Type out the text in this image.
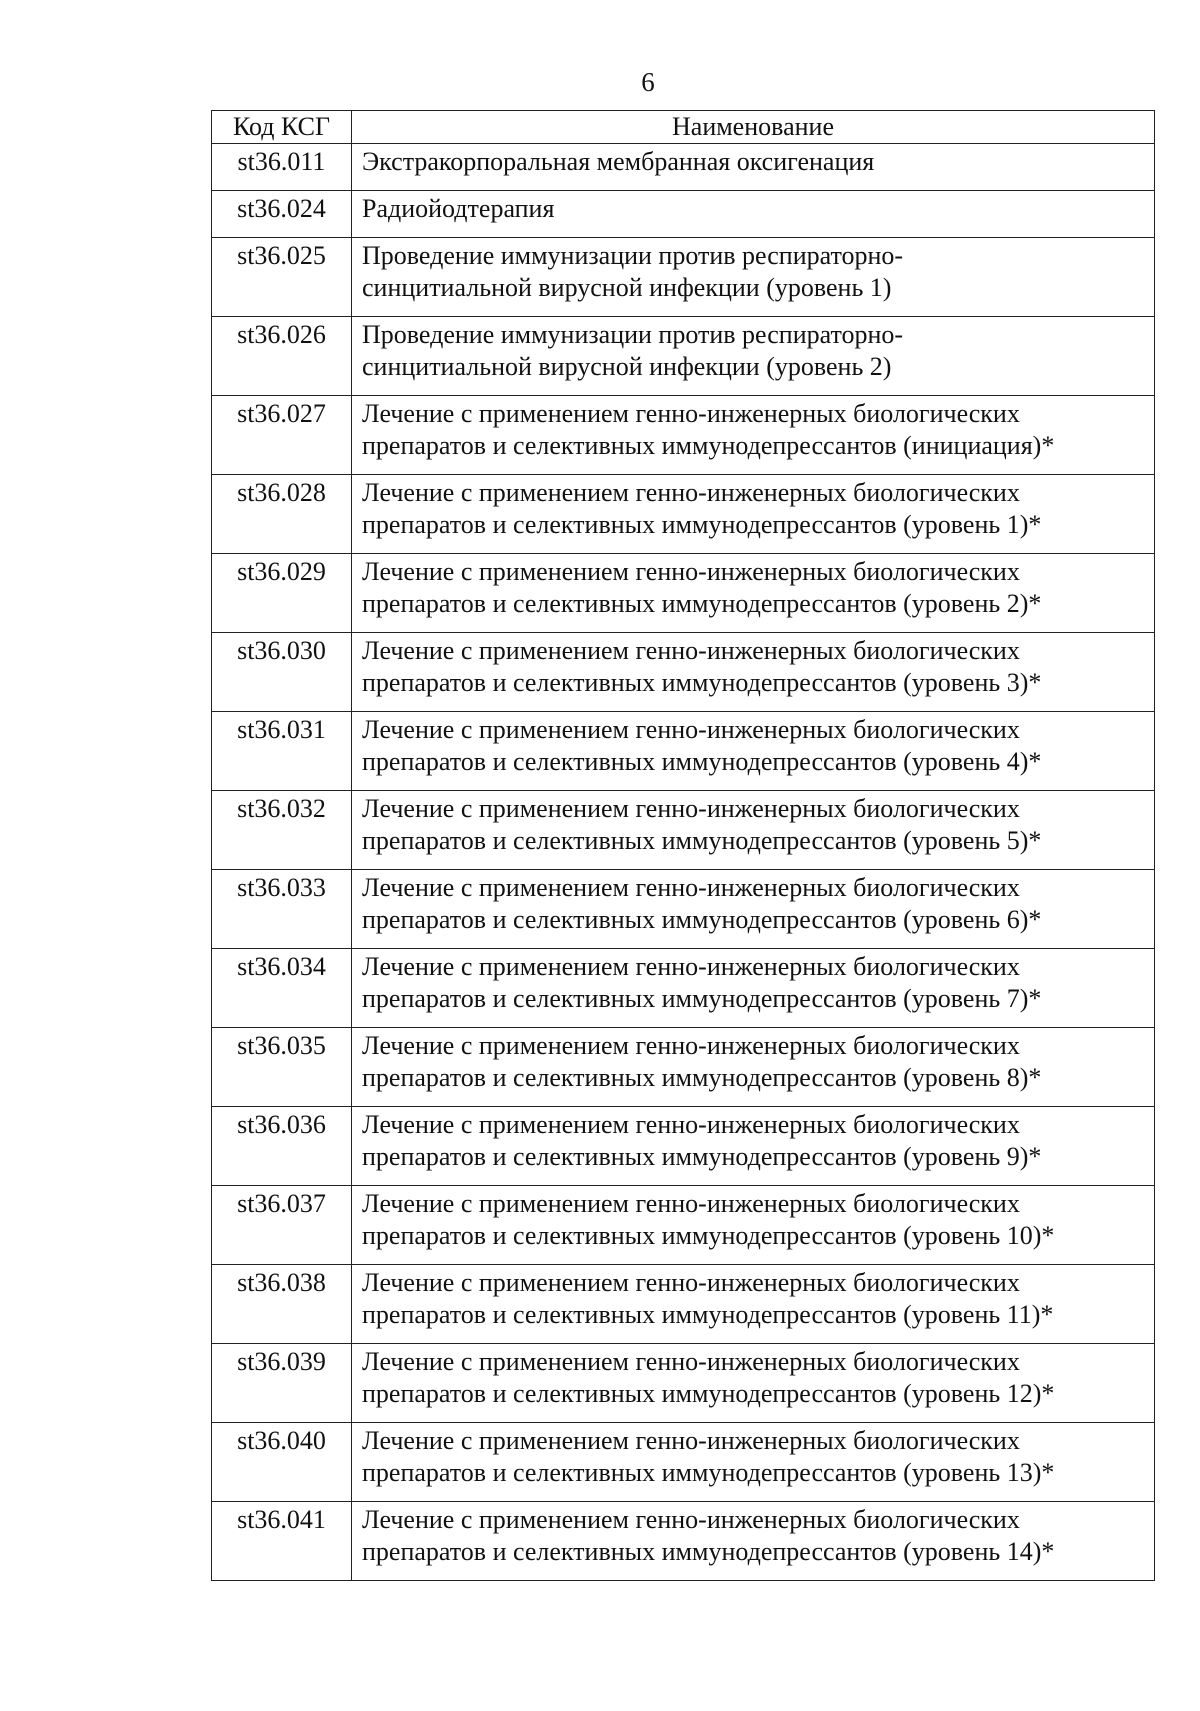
6
Код КСГ	Наименование
st36.011	Экстракорпоральная мембранная оксигенация
st36.024	Радиойодтерапия
st36.025	Проведение иммунизации против респираторно-
синцитиальной вирусной инфекции (уровень 1)
st36.026	Проведение иммунизации против респираторно-
синцитиальной вирусной инфекции (уровень 2)
st36.027	Лечение с применением генно-инженерных биологических
препаратов и селективных иммунодепрессантов (инициация)*
st36.028	Лечение с применением генно-инженерных биологических
препаратов и селективных иммунодепрессантов (уровень 1)*
st36.029	Лечение с применением генно-инженерных биологических
препаратов и селективных иммунодепрессантов (уровень 2)*
st36.030	Лечение с применением генно-инженерных биологических
препаратов и селективных иммунодепрессантов (уровень 3)*
st36.031	Лечение с применением генно-инженерных биологических
препаратов и селективных иммунодепрессантов (уровень 4)*
st36.032	Лечение с применением генно-инженерных биологических
препаратов и селективных иммунодепрессантов (уровень 5)*
st36.033	Лечение с применением генно-инженерных биологических
препаратов и селективных иммунодепрессантов (уровень 6)*
st36.034	Лечение с применением генно-инженерных биологических
препаратов и селективных иммунодепрессантов (уровень 7)*
st36.035	Лечение с применением генно-инженерных биологических
препаратов и селективных иммунодепрессантов (уровень 8)*
st36.036	Лечение с применением генно-инженерных биологических
препаратов и селективных иммунодепрессантов (уровень 9)*
st36.037	Лечение с применением генно-инженерных биологических
препаратов и селективных иммунодепрессантов (уровень 10)*
st36.038	Лечение с применением генно-инженерных биологических
препаратов и селективных иммунодепрессантов (уровень 11)*
st36.039	Лечение с применением генно-инженерных биологических
препаратов и селективных иммунодепрессантов (уровень 12)*
st36.040	Лечение с применением генно-инженерных биологических
препаратов и селективных иммунодепрессантов (уровень 13)*
st36.041	Лечение с применением генно-инженерных биологических
препаратов и селективных иммунодепрессантов (уровень 14)*
